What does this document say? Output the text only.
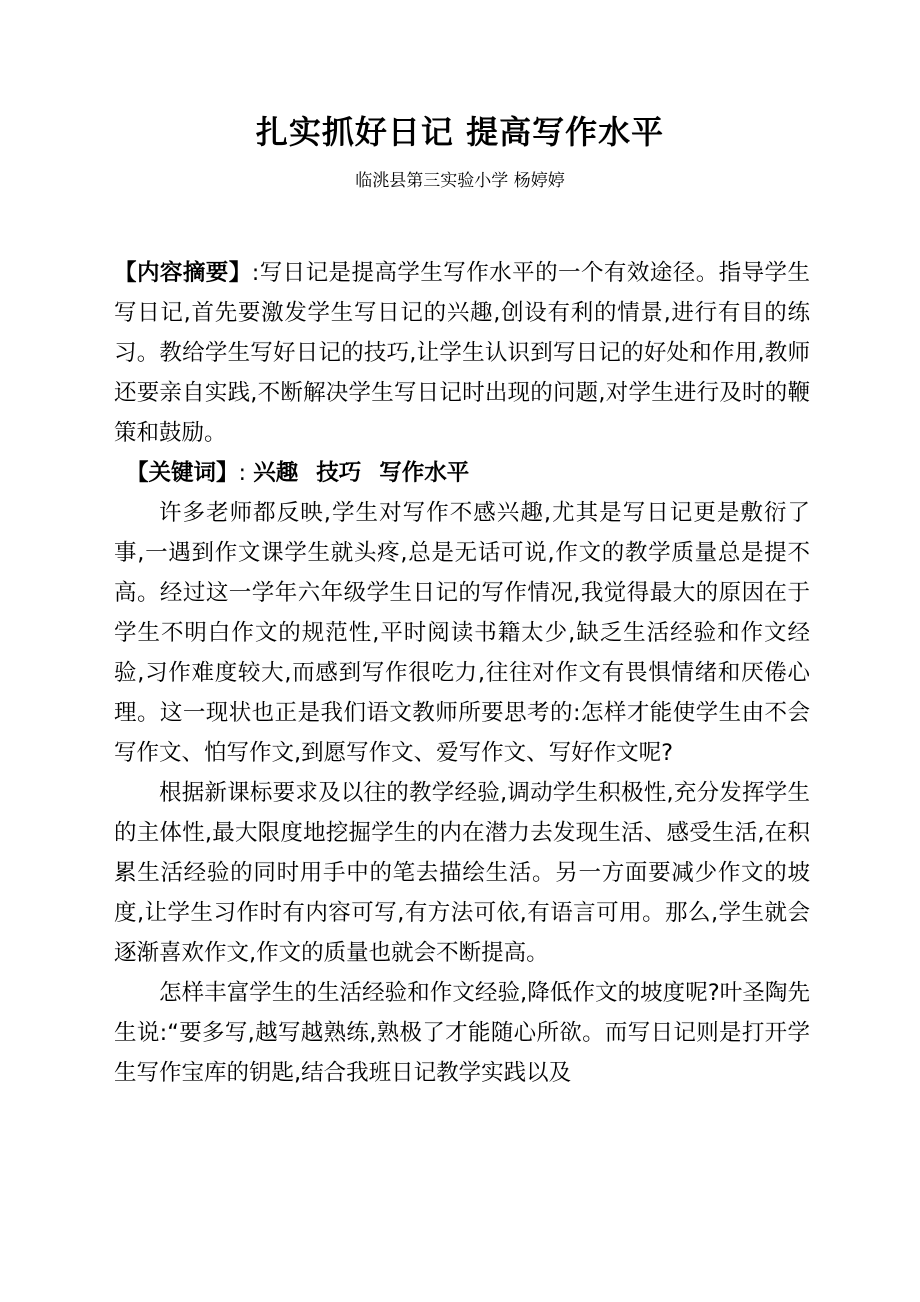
扎实抓好日记 提高写作水平
临洮县第三实验小学 杨婷婷

【内容摘要】:写日记是提高学生写作水平的一个有效途径。指导学生写日记,首先要激发学生写日记的兴趣,创设有利的情景,进行有目的练习。教给学生写好日记的技巧,让学生认识到写日记的好处和作用,教师还要亲自实践,不断解决学生写日记时出现的问题,对学生进行及时的鞭策和鼓励。

【关键词】: 兴趣 技巧 写作水平

许多老师都反映,学生对写作不感兴趣,尤其是写日记更是敷衍了事,一遇到作文课学生就头疼,总是无话可说,作文的教学质量总是提不高。经过这一学年六年级学生日记的写作情况,我觉得最大的原因在于学生不明白作文的规范性,平时阅读书籍太少,缺乏生活经验和作文经验,习作难度较大,而感到写作很吃力,往往对作文有畏惧情绪和厌倦心理。这一现状也正是我们语文教师所要思考的:怎样才能使学生由不会写作文、怕写作文,到愿写作文、爱写作文、写好作文呢?

根据新课标要求及以往的教学经验,调动学生积极性,充分发挥学生的主体性,最大限度地挖掘学生的内在潜力去发现生活、感受生活,在积累生活经验的同时用手中的笔去描绘生活。另一方面要减少作文的坡度,让学生习作时有内容可写,有方法可依,有语言可用。那么,学生就会逐渐喜欢作文,作文的质量也就会不断提高。

怎样丰富学生的生活经验和作文经验,降低作文的坡度呢?叶圣陶先生说:“要多写,越写越熟练,熟极了才能随心所欲。而写日记则是打开学生写作宝库的钥匙,结合我班日记教学实践以及
